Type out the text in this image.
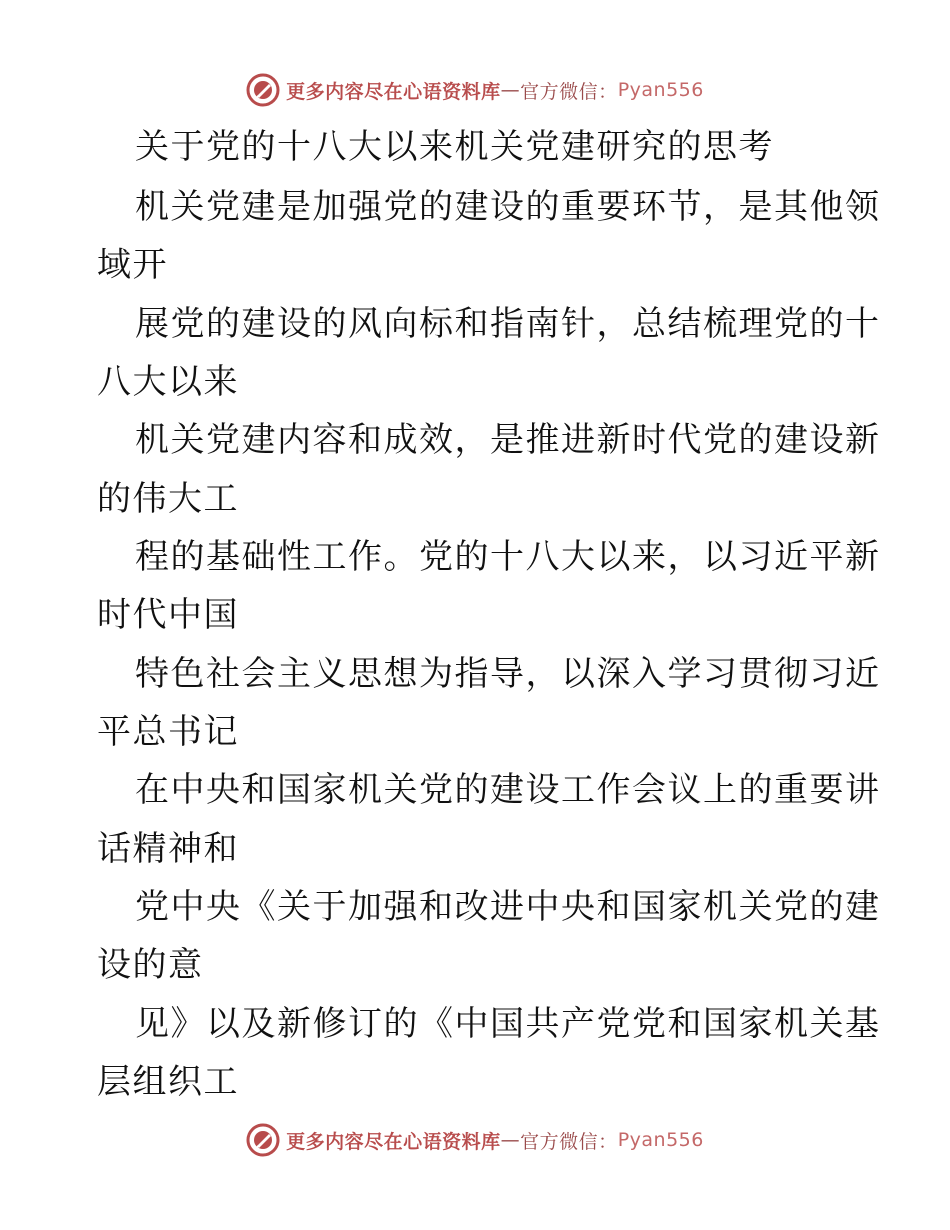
更多内容尽在心语资料库 — 官方微信： Pyan556
关于党的十八大以来机关党建研究的思考
机关党建是加强党的建设的重要环节，是其他领
域开
展党的建设的风向标和指南针，总结梳理党的十
八大以来
机关党建内容和成效，是推进新时代党的建设新
的伟大工
程的基础性工作。党的十八大以来，以习近平新
时代中国
特色社会主义思想为指导，以深入学习贯彻习近
平总书记
在中央和国家机关党的建设工作会议上的重要讲
话精神和
党中央《关于加强和改进中央和国家机关党的建
设的意
见》以及新修订的《中国共产党党和国家机关基
层组织工
更多内容尽在心语资料库 — 官方微信： Pyan556
